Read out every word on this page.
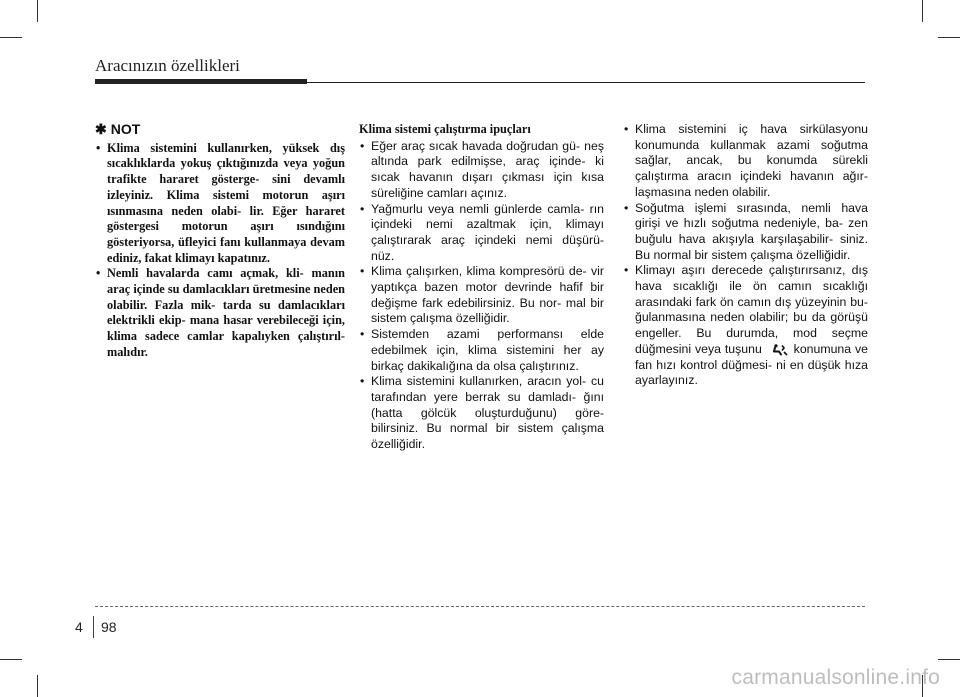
Aracınızın özellikleri
✱ NOT
• Klima sistemini kullanırken, yüksek dış sıcaklıklarda yokuş çıktığınızda veya yoğun trafikte hararet gösterge- sini devamlı izleyiniz. Klima sistemi motorun aşırı ısınmasına neden olabi- lir. Eğer hararet göstergesi motorun aşırı ısındığını gösteriyorsa, üfleyici fanı kullanmaya devam ediniz, fakat klimayı kapatınız.
• Nemli havalarda camı açmak, kli- manın araç içinde su damlacıkları üretmesine neden olabilir. Fazla mik- tarda su damlacıkları elektrikli ekip- mana hasar verebileceği için, klima sadece camlar kapalıyken çalıştırıl- malıdır.
Klima sistemi çalıştırma ipuçları
• Eğer araç sıcak havada doğrudan gü- neş altında park edilmişse, araç içinde- ki sıcak havanın dışarı çıkması için kısa süreliğine camları açınız.
• Yağmurlu veya nemli günlerde camla- rın içindeki nemi azaltmak için, klimayı çalıştırarak araç içindeki nemi düşürü- nüz.
• Klima çalışırken, klima kompresörü de- vir yaptıkça bazen motor devrinde hafif bir değişme fark edebilirsiniz. Bu nor- mal bir sistem çalışma özelliğidir.
• Sistemden azami performansı elde edebilmek için, klima sistemini her ay birkaç dakikalığına da olsa çalıştırınız.
• Klima sistemini kullanırken, aracın yol- cu tarafından yere berrak su damladı- ğını (hatta gölcük oluşturduğunu) göre- bilirsiniz. Bu normal bir sistem çalışma özelliğidir.
• Klima sistemini iç hava sirkülasyonu konumunda kullanmak azami soğutma sağlar, ancak, bu konumda sürekli çalıştırma aracın içindeki havanın ağır- laşmasına neden olabilir.
• Soğutma işlemi sırasında, nemli hava girişi ve hızlı soğutma nedeniyle, ba- zen buğulu hava akışıyla karşılaşabilir- siniz. Bu normal bir sistem çalışma özelliğidir.
• Klimayı aşırı derecede çalıştırırsanız, dış hava sıcaklığı ile ön camın sıcaklığı arasındaki fark ön camın dış yüzeyinin bu-ğulanmasına neden olabilir; bu da görüşü engeller. Bu durumda, mod seçme düğmesini veya tuşunu	konumuna ve fan hızı kontrol düğmesi- ni en düşük hıza ayarlayınız.
4 98
carmanualsonline.info
